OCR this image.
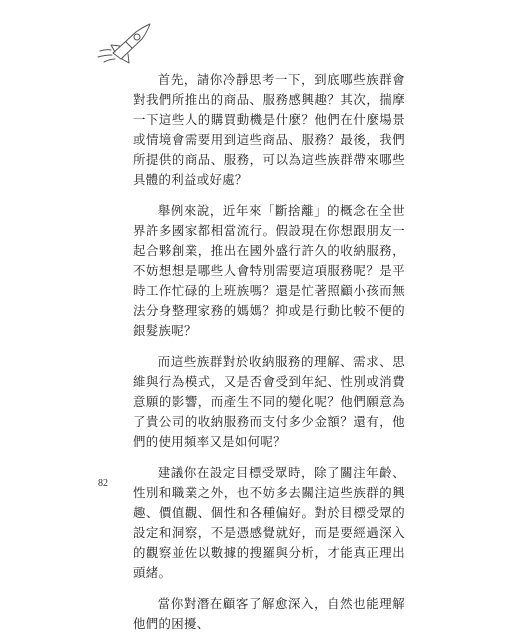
首先，請你冷靜思考一下，到底哪些族群會對我們所推出的商品、服務感興趣？其次，揣摩一下這些人的購買動機是什麼？他們在什麼場景或情境會需要用到這些商品、服務？最後，我們所提供的商品、服務，可以為這些族群帶來哪些具體的利益或好處？

舉例來說，近年來「斷捨離」的概念在全世界許多國家都相當流行。假設現在你想跟朋友一起合夥創業，推出在國外盛行許久的收納服務，不妨想想是哪些人會特別需要這項服務呢？是平時工作忙碌的上班族嗎？還是忙著照顧小孩而無法分身整理家務的媽媽？抑或是行動比較不便的銀髮族呢？

而這些族群對於收納服務的理解、需求、思維與行為模式，又是否會受到年紀、性別或消費意願的影響，而產生不同的變化呢？他們願意為了貴公司的收納服務而支付多少金額？還有，他們的使用頻率又是如何呢？

建議你在設定目標受眾時，除了關注年齡、性別和職業之外，也不妨多去關注這些族群的興趣、價值觀、個性和各種偏好。對於目標受眾的設定和洞察，不是憑感覺就好，而是要經過深入的觀察並佐以數據的搜羅與分析，才能真正理出頭緒。

當你對潛在顧客了解愈深入，自然也能理解他們的困擾、

82
